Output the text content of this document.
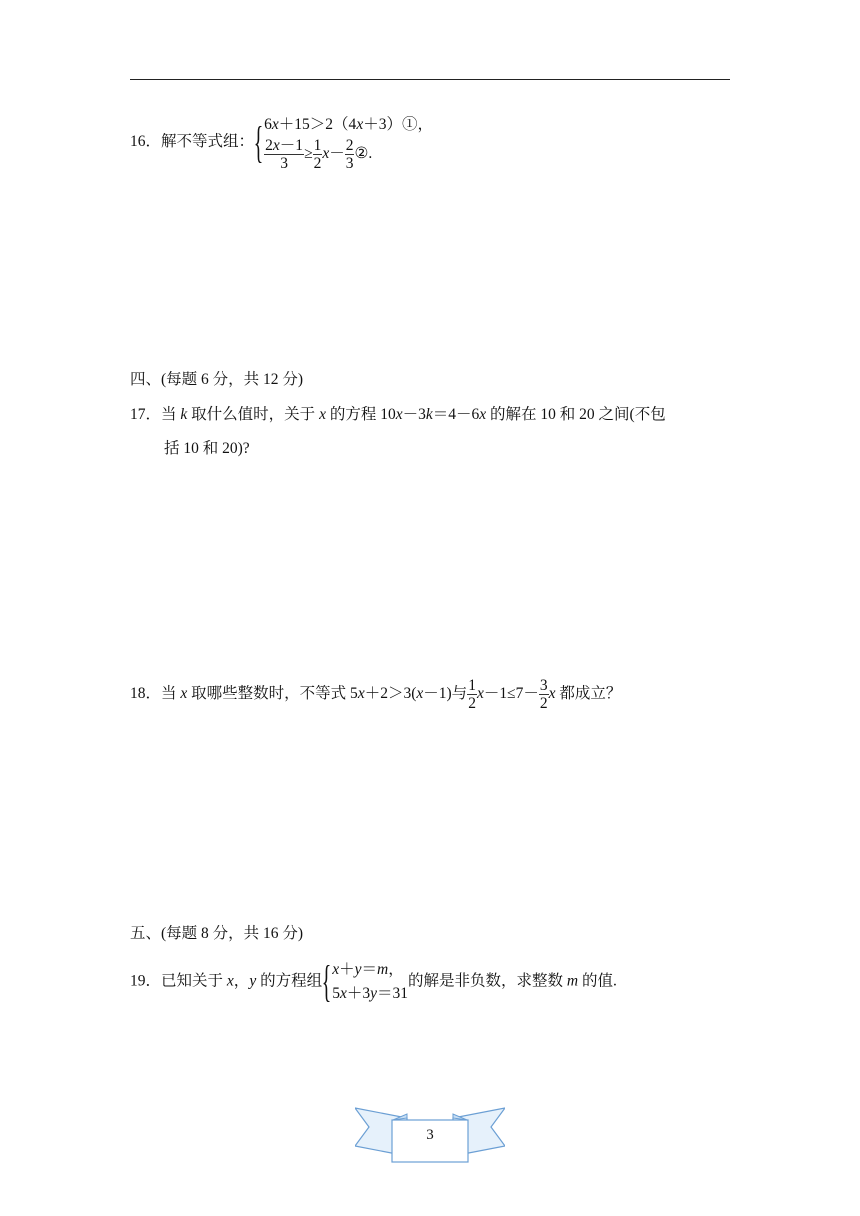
16．解不等式组：{ 6x＋15＞2（4x＋3）①，
$\frac{2x-1}{3} \ge \frac{1}{2} x- \frac{2}{3}$ ②.
四、(每题 6 分，共 12 分)
17．当 k 取什么值时，关于 x 的方程 10x－3k＝4－6x 的解在 10 和 20 之间(不包
括 10 和 20)?
18．当 x 取哪些整数时，不等式 5x＋2＞3(x－1)与 $\frac{1}{2} x-1\le 7- \frac{3}{2}$ x 都成立？
五、(每题 8 分，共 16 分)
19．已知关于 x，y 的方程组{ x＋y＝m，
5x＋3y＝31
的解是非负数，求整数 m 的值.
3
